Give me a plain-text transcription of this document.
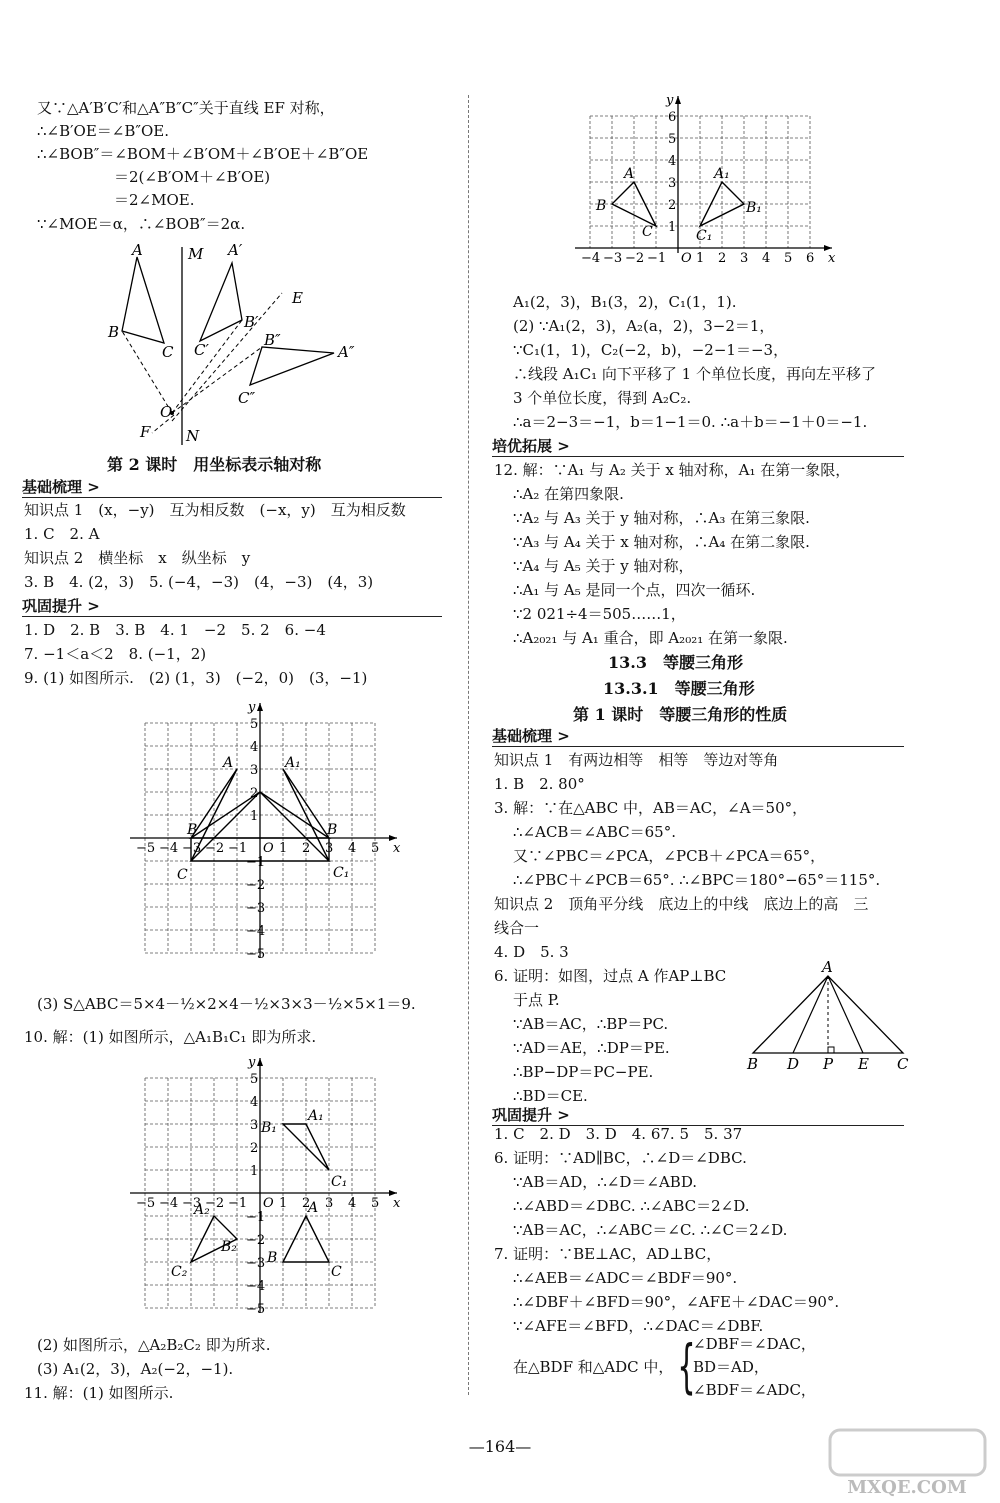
又∵△A′B′C′和△A″B″C″关于直线 EF 对称，
∴∠B′OE＝∠B″OE.
∴∠BOB″＝∠BOM＋∠B′OM＋∠B′OE＋∠B″OE
＝2(∠B′OM＋∠B′OE)
＝2∠MOE.
∵∠MOE＝α，∴∠BOB″＝2α.
A	M A′
E
B
B′
B″
C C′	A″
C″
O
F N
第 2 课时　用坐标表示轴对称
基础梳理 >
知识点 1　(x，−y)　互为相反数　(−x，y)　互为相反数
1. C　2. A
知识点 2　横坐标　x　纵坐标　y
3. B　4. (2，3)　5. (−4，−3)　(4，−3)　(4，3)
巩固提升 >
1. D　2. B　3. B　4. 1　−2　5. 2　6. −4
7. −1＜a＜2　8. (−1，2)
9. (1) 如图所示.　(2) (1，3)　(−2，0)　(3，−1)
x
y
O
−5 −4 −3 −2 −1 1 2 3 4 5
−5
−4
−3
−2
−1
1
2
3
4
5
A
B
C
A₁
B
C₁
(3) S△ABC＝5×4－½×2×4－½×3×3－½×5×1＝9.
10. 解：(1) 如图所示，△A₁B₁C₁ 即为所求.
x
y
O
−5 −4 −3 −2 −1 1 2 3 4 5
−5
−4
−3
−2
−1
1
2
3
4
5
A₁
B₁
C₁
A₂
C₂
B₂
A
B
C
(2) 如图所示，△A₂B₂C₂ 即为所求.
(3) A₁(2，3)，A₂(−2，−1).
11. 解：(1) 如图所示.
x
y
O
−4 −3 −2 −1 1 2 3 4 5 6
1
2
3
4
5
6
A
B
C
A₁
B₁
C₁
A₁(2，3)，B₁(3，2)，C₁(1，1).
(2) ∵A₁(2，3)，A₂(a，2)，3−2＝1，
∵C₁(1，1)，C₂(−2，b)，−2−1＝−3，
∴线段 A₁C₁ 向下平移了 1 个单位长度，再向左平移了
3 个单位长度，得到 A₂C₂.
∴a＝2−3＝−1，b＝1−1＝0. ∴a＋b＝−1＋0＝−1.
培优拓展 >
12. 解：∵A₁ 与 A₂ 关于 x 轴对称，A₁ 在第一象限，
∴A₂ 在第四象限.
∵A₂ 与 A₃ 关于 y 轴对称，∴A₃ 在第三象限.
∵A₃ 与 A₄ 关于 x 轴对称，∴A₄ 在第二象限.
∵A₄ 与 A₅ 关于 y 轴对称，
∴A₁ 与 A₅ 是同一个点，四次一循环.
∵2 021÷4＝505……1，
∴A₂₀₂₁ 与 A₁ 重合，即 A₂₀₂₁ 在第一象限.
13.3　等腰三角形
13.3.1　等腰三角形
第 1 课时　等腰三角形的性质
基础梳理 >
知识点 1　有两边相等　相等　等边对等角
1. B　2. 80°
3. 解：∵在△ABC 中，AB＝AC，∠A＝50°，
∴∠ACB＝∠ABC＝65°.
又∵∠PBC＝∠PCA，∠PCB＋∠PCA＝65°，
∴∠PBC＋∠PCB＝65°. ∴∠BPC＝180°−65°＝115°.
知识点 2　顶角平分线　底边上的中线　底边上的高　三
线合一
4. D　5. 3
6. 证明：如图，过点 A 作AP⊥BC
于点 P.
∵AB＝AC，∴BP＝PC.
∵AD＝AE，∴DP＝PE.
∴BP−DP＝PC−PE.
∴BD＝CE.
A
B D P E C
巩固提升 >
1. C　2. D　3. D　4. 67. 5　5. 37
6. 证明：∵AD∥BC，∴∠D＝∠DBC.
∵AB＝AD，∴∠D＝∠ABD.
∴∠ABD＝∠DBC. ∴∠ABC＝2∠D.
∵AB＝AC，∴∠ABC＝∠C. ∴∠C＝2∠D.
7. 证明：∵BE⊥AC，AD⊥BC，
∴∠AEB＝∠ADC＝∠BDF＝90°.
∴∠DBF＋∠BFD＝90°，∠AFE＋∠DAC＝90°.
∵∠AFE＝∠BFD，∴∠DAC＝∠DBF.
在△BDF 和△ADC 中， {
∠DBF＝∠DAC，
BD＝AD，
∠BDF＝∠ADC，
—164—
MXQE.COM
